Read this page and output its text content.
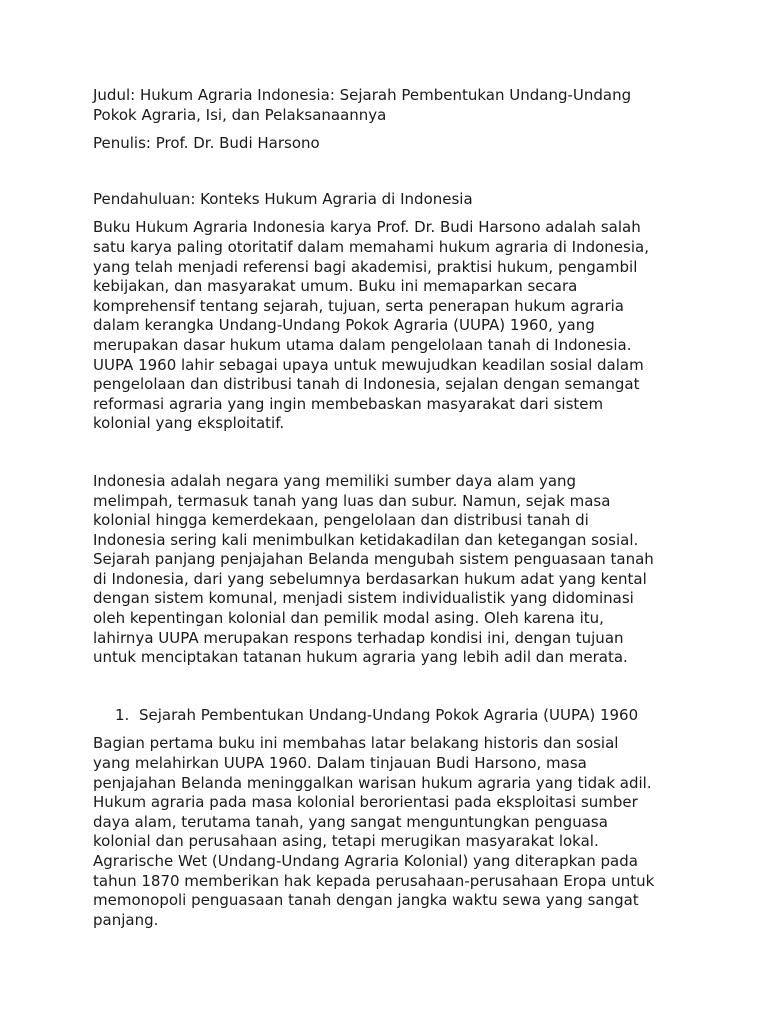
Judul: Hukum Agraria Indonesia: Sejarah Pembentukan Undang-Undang
Pokok Agraria, Isi, dan Pelaksanaannya

Penulis: Prof. Dr. Budi Harsono

Pendahuluan: Konteks Hukum Agraria di Indonesia

Buku Hukum Agraria Indonesia karya Prof. Dr. Budi Harsono adalah salah
satu karya paling otoritatif dalam memahami hukum agraria di Indonesia,
yang telah menjadi referensi bagi akademisi, praktisi hukum, pengambil
kebijakan, dan masyarakat umum. Buku ini memaparkan secara
komprehensif tentang sejarah, tujuan, serta penerapan hukum agraria
dalam kerangka Undang-Undang Pokok Agraria (UUPA) 1960, yang
merupakan dasar hukum utama dalam pengelolaan tanah di Indonesia.
UUPA 1960 lahir sebagai upaya untuk mewujudkan keadilan sosial dalam
pengelolaan dan distribusi tanah di Indonesia, sejalan dengan semangat
reformasi agraria yang ingin membebaskan masyarakat dari sistem
kolonial yang eksploitatif.

Indonesia adalah negara yang memiliki sumber daya alam yang
melimpah, termasuk tanah yang luas dan subur. Namun, sejak masa
kolonial hingga kemerdekaan, pengelolaan dan distribusi tanah di
Indonesia sering kali menimbulkan ketidakadilan dan ketegangan sosial.
Sejarah panjang penjajahan Belanda mengubah sistem penguasaan tanah
di Indonesia, dari yang sebelumnya berdasarkan hukum adat yang kental
dengan sistem komunal, menjadi sistem individualistik yang didominasi
oleh kepentingan kolonial dan pemilik modal asing. Oleh karena itu,
lahirnya UUPA merupakan respons terhadap kondisi ini, dengan tujuan
untuk menciptakan tatanan hukum agraria yang lebih adil dan merata.

1. Sejarah Pembentukan Undang-Undang Pokok Agraria (UUPA) 1960

Bagian pertama buku ini membahas latar belakang historis dan sosial
yang melahirkan UUPA 1960. Dalam tinjauan Budi Harsono, masa
penjajahan Belanda meninggalkan warisan hukum agraria yang tidak adil.
Hukum agraria pada masa kolonial berorientasi pada eksploitasi sumber
daya alam, terutama tanah, yang sangat menguntungkan penguasa
kolonial dan perusahaan asing, tetapi merugikan masyarakat lokal.
Agrarische Wet (Undang-Undang Agraria Kolonial) yang diterapkan pada
tahun 1870 memberikan hak kepada perusahaan-perusahaan Eropa untuk
memonopoli penguasaan tanah dengan jangka waktu sewa yang sangat
panjang.
